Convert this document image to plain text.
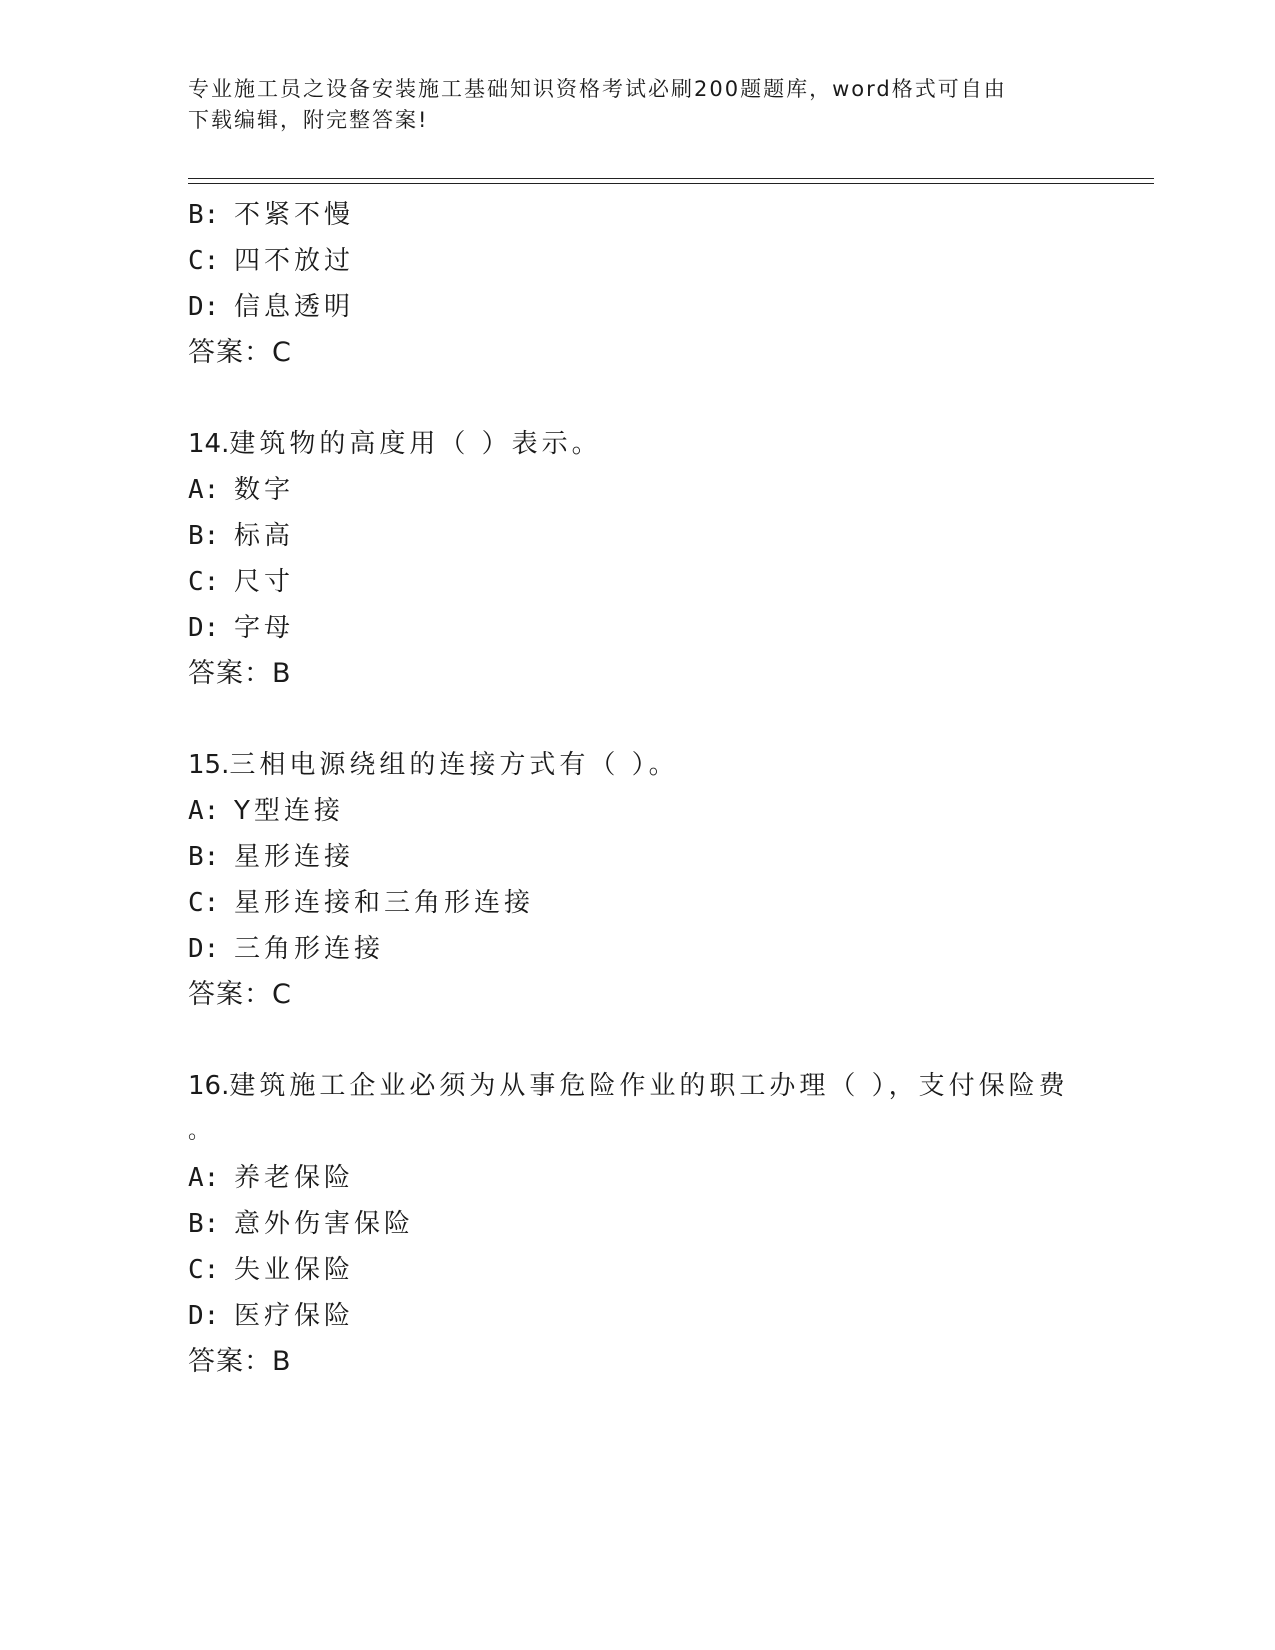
专业施工员之设备安装施工基础知识资格考试必刷200题题库，word格式可自由
下载编辑，附完整答案!
B: 不紧不慢
C: 四不放过
D: 信息透明
答案：C
14.建筑物的高度用（ ）表示。
A: 数字
B: 标高
C: 尺寸
D: 字母
答案：B
15.三相电源绕组的连接方式有（ ）。
A: Y型连接
B: 星形连接
C: 星形连接和三角形连接
D: 三角形连接
答案：C
16.建筑施工企业必须为从事危险作业的职工办理（ ），支付保险费
。
A: 养老保险
B: 意外伤害保险
C: 失业保险
D: 医疗保险
答案：B
